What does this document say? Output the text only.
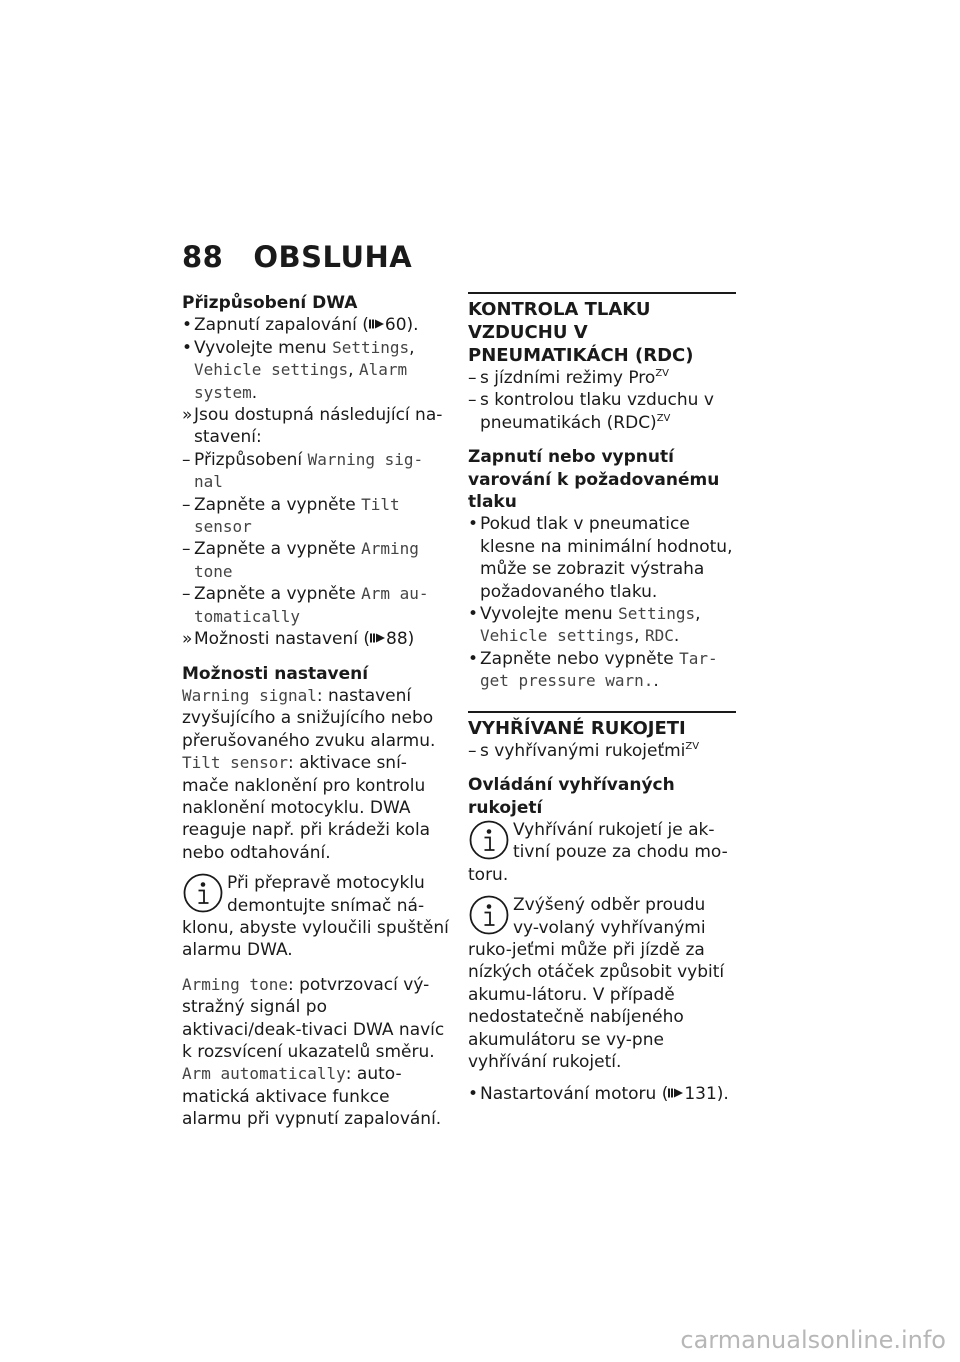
88 OBSLUHA

Přizpůsobení DWA

• Zapnutí zapalování ( 60).

• Vyvolejte menu Settings, Vehicle settings, Alarm system.

» Jsou dostupná následující na-stavení:

– Přizpůsobení Warning sig-nal

– Zapněte a vypněte Tilt sensor

– Zapněte a vypněte Arming tone

– Zapněte a vypněte Arm au-tomatically

» Možnosti nastavení ( 88)

Možnosti nastavení

Warning signal: nastavení zvyšujícího a snižujícího nebo přerušovaného zvuku alarmu.

Tilt sensor: aktivace sní-mače naklonění pro kontrolu naklonění motocyklu. DWA reaguje např. při krádeži kola nebo odtahování.

Při přepravě motocyklu demontujte snímač ná-klonu, abyste vyloučili spuštění alarmu DWA.

Arming tone: potvrzovací vý-stražný signál po aktivaci/deak-tivaci DWA navíc k rozsvícení ukazatelů směru.

Arm automatically: auto-matická aktivace funkce alarmu při vypnutí zapalování.

KONTROLA TLAKU VZDUCHU V PNEUMATIKÁCH (RDC)

– s jízdními režimy Pro$^{ZV}$

– s kontrolou tlaku vzduchu v pneumatikách (RDC)$^{ZV}$

Zapnutí nebo vypnutí varování k požadovanému tlaku

• Pokud tlak v pneumatice klesne na minimální hodnotu, může se zobrazit výstraha požadovaného tlaku.

• Vyvolejte menu Settings, Vehicle settings, RDC.

• Zapněte nebo vypněte Tar-get pressure warn..

VYHŘÍVANÉ RUKOJETI

– s vyhřívanými rukojeťmi$^{ZV}$

Ovládání vyhřívaných rukojetí

Vyhřívání rukojetí je ak-tivní pouze za chodu mo-toru.

Zvýšený odběr proudu vy-volaný vyhřívanými ruko-jeťmi může při jízdě za nízkých otáček způsobit vybití akumu-látoru. V případě nedostatečně nabíjeného akumulátoru se vy-pne vyhřívání rukojetí.

• Nastartování motoru ( 131).

carmanualsonline.info
